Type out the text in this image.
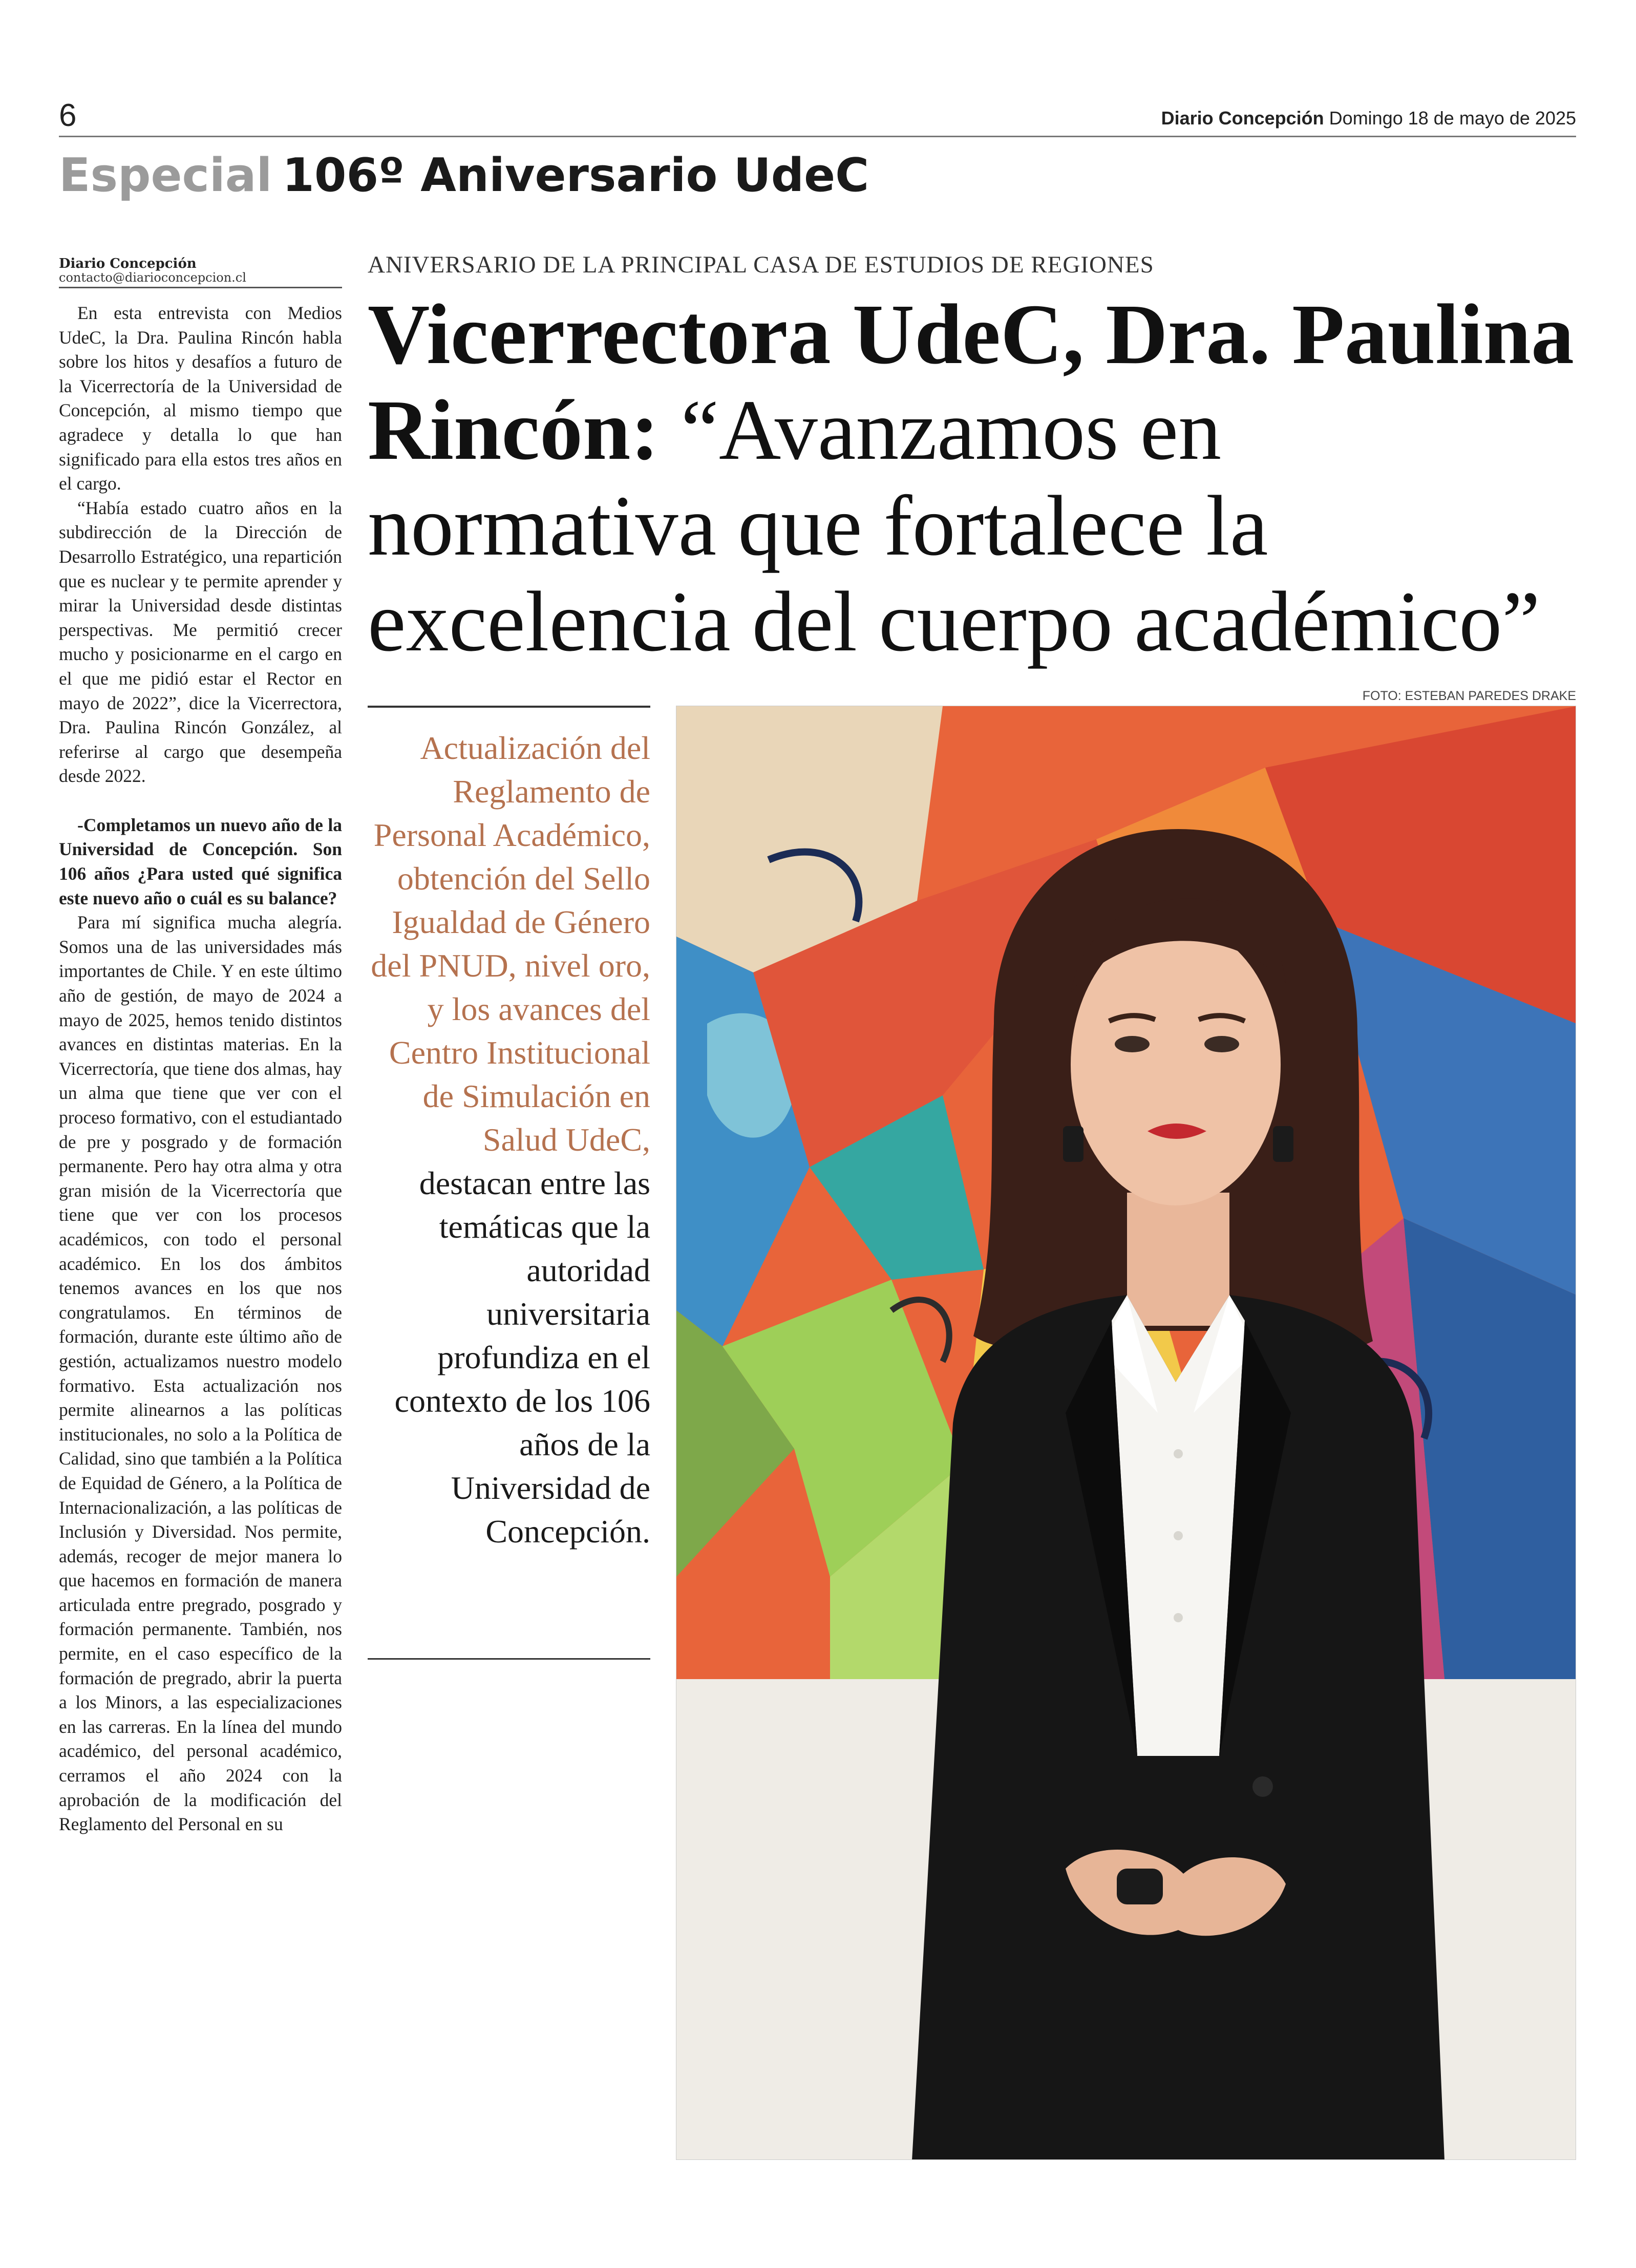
6	Diario Concepción Domingo 18 de mayo de 2025
Especial 106º Aniversario UdeC
Diario Concepción
contacto@diarioconcepcion.cl

En esta entrevista con Medios UdeC, la Dra. Paulina Rincón habla sobre los hitos y desafíos a futuro de la Vicerrectoría de la Universidad de Concepción, al mismo tiempo que agradece y detalla lo que han significado para ella estos tres años en el cargo.

“Había estado cuatro años en la subdirección de la Dirección de Desarrollo Estratégico, una repartición que es nuclear y te permite aprender y mirar la Universidad desde distintas perspectivas. Me permitió crecer mucho y posicionarme en el cargo en el que me pidió estar el Rector en mayo de 2022”, dice la Vicerrectora, Dra. Paulina Rincón González, al referirse al cargo que desempeña desde 2022.

-Completamos un nuevo año de la Universidad de Concepción. Son 106 años ¿Para usted qué significa este nuevo año o cuál es su balance?

Para mí significa mucha alegría. Somos una de las universidades más importantes de Chile. Y en este último año de gestión, de mayo de 2024 a mayo de 2025, hemos tenido distintos avances en distintas materias. En la Vicerrectoría, que tiene dos almas, hay un alma que tiene que ver con el proceso formativo, con el estudiantado de pre y posgrado y de formación permanente. Pero hay otra alma y otra gran misión de la Vicerrectoría que tiene que ver con los procesos académicos, con todo el personal académico. En los dos ámbitos tenemos avances en los que nos congratulamos. En términos de formación, durante este último año de gestión, actualizamos nuestro modelo formativo. Esta actualización nos permite alinearnos a las políticas institucionales, no solo a la Política de Calidad, sino que también a la Política de Equidad de Género, a la Política de Internacionalización, a las políticas de Inclusión y Diversidad. Nos permite, además, recoger de mejor manera lo que hacemos en formación de manera articulada entre pregrado, posgrado y formación permanente. También, nos permite, en el caso específico de la formación de pregrado, abrir la puerta a los Minors, a las especializaciones en las carreras. En la línea del mundo académico, del personal académico, cerramos el año 2024 con la aprobación de la modificación del Reglamento del Personal en su

ANIVERSARIO DE LA PRINCIPAL CASA DE ESTUDIOS DE REGIONES
Vicerrectora UdeC, Dra. Paulina Rincón: “Avanzamos en normativa que fortalece la excelencia del cuerpo académico”
FOTO: ESTEBAN PAREDES DRAKE
Actualización del Reglamento de Personal Académico, obtención del Sello Igualdad de Género del PNUD, nivel oro, y los avances del Centro Institucional de Simulación en Salud UdeC, destacan entre las temáticas que la autoridad universitaria profundiza en el contexto de los 106 años de la Universidad de Concepción.
